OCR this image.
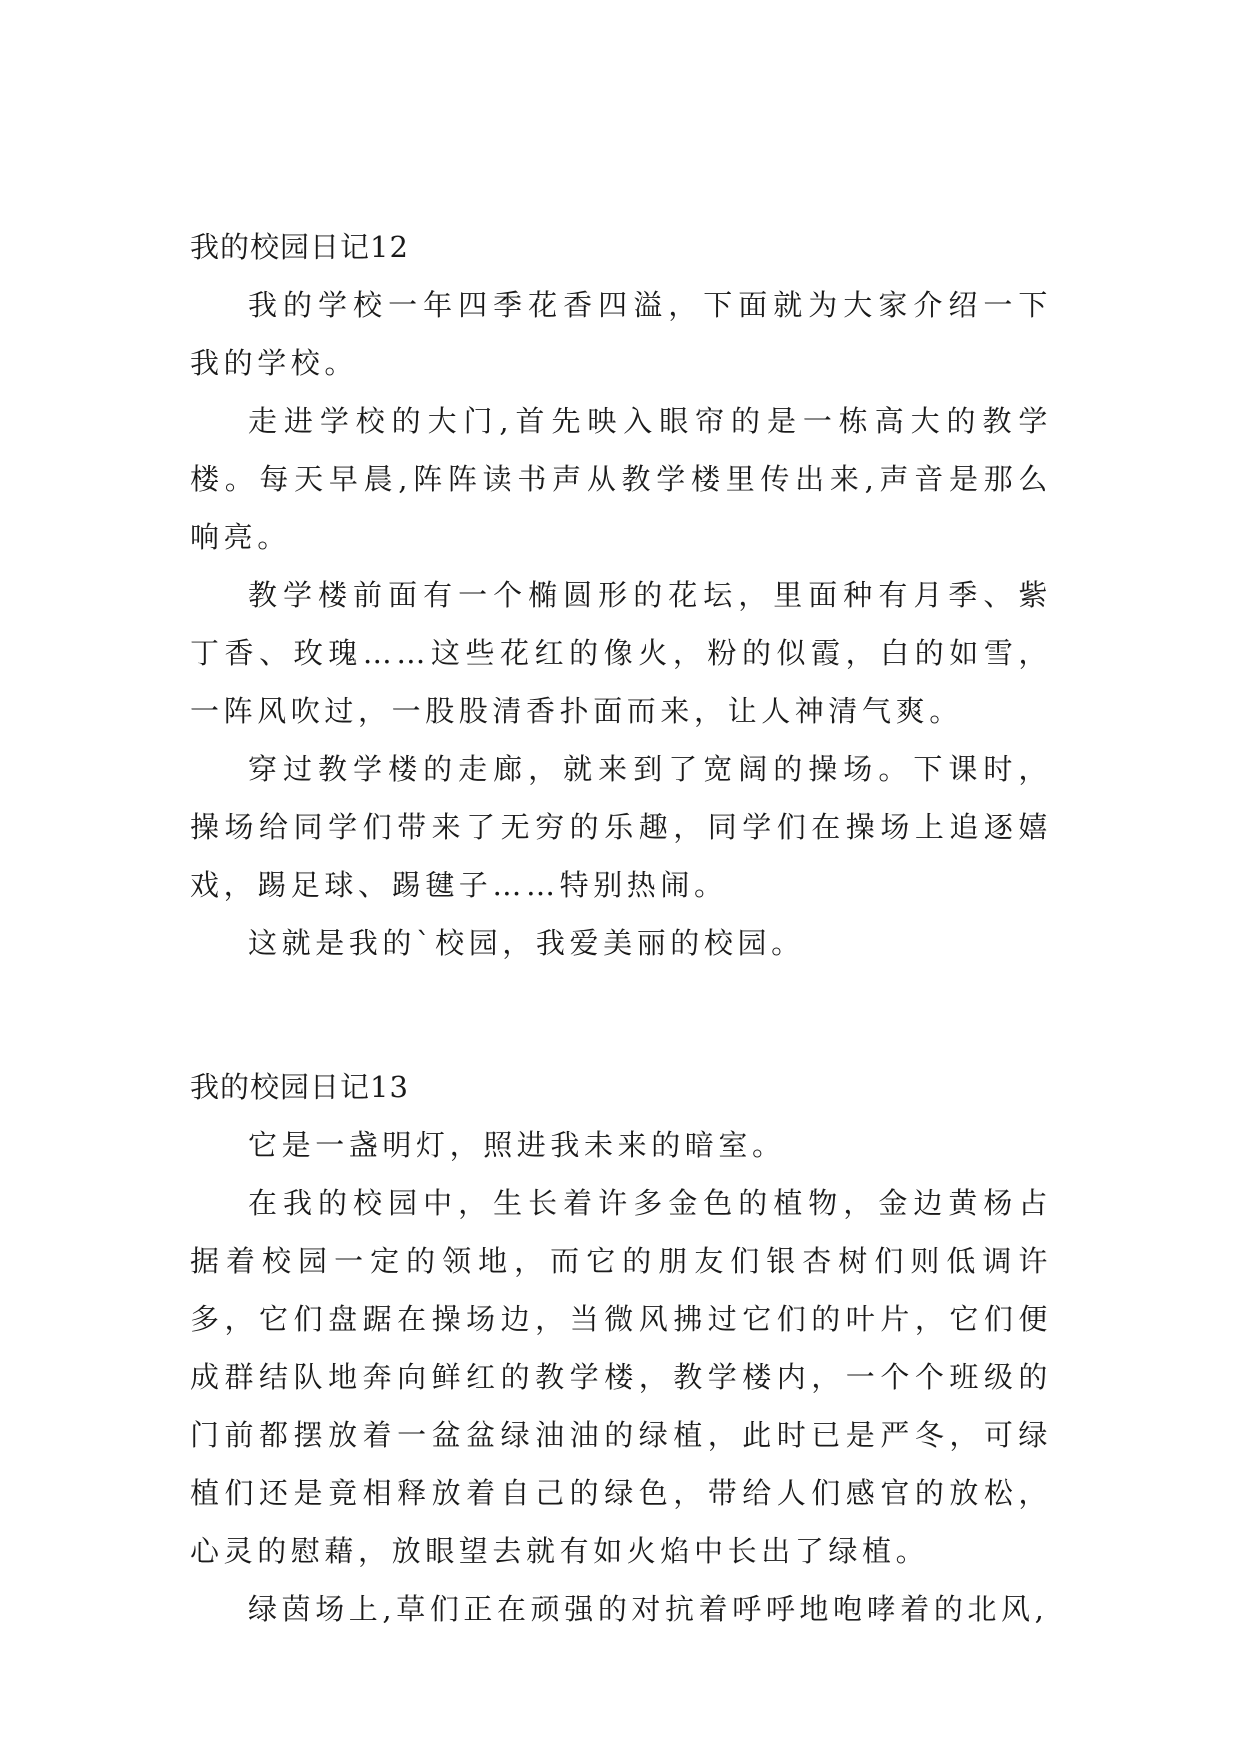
我的校园日记12

我的学校一年四季花香四溢，下面就为大家介绍一下我的学校。

走进学校的大门,首先映入眼帘的是一栋高大的教学楼。每天早晨,阵阵读书声从教学楼里传出来,声音是那么响亮。

教学楼前面有一个椭圆形的花坛，里面种有月季、紫丁香、玫瑰……这些花红的像火，粉的似霞，白的如雪，一阵风吹过，一股股清香扑面而来，让人神清气爽。

穿过教学楼的走廊，就来到了宽阔的操场。下课时，操场给同学们带来了无穷的乐趣，同学们在操场上追逐嬉戏，踢足球、踢毽子……特别热闹。

这就是我的`校园，我爱美丽的校园。

我的校园日记13

它是一盏明灯，照进我未来的暗室。

在我的校园中，生长着许多金色的植物，金边黄杨占据着校园一定的领地，而它的朋友们银杏树们则低调许多，它们盘踞在操场边，当微风拂过它们的叶片，它们便成群结队地奔向鲜红的教学楼，教学楼内，一个个班级的门前都摆放着一盆盆绿油油的绿植，此时已是严冬，可绿植们还是竟相释放着自己的绿色，带给人们感官的放松，心灵的慰藉，放眼望去就有如火焰中长出了绿植。

绿茵场上,草们正在顽强的对抗着呼呼地咆哮着的北风,
